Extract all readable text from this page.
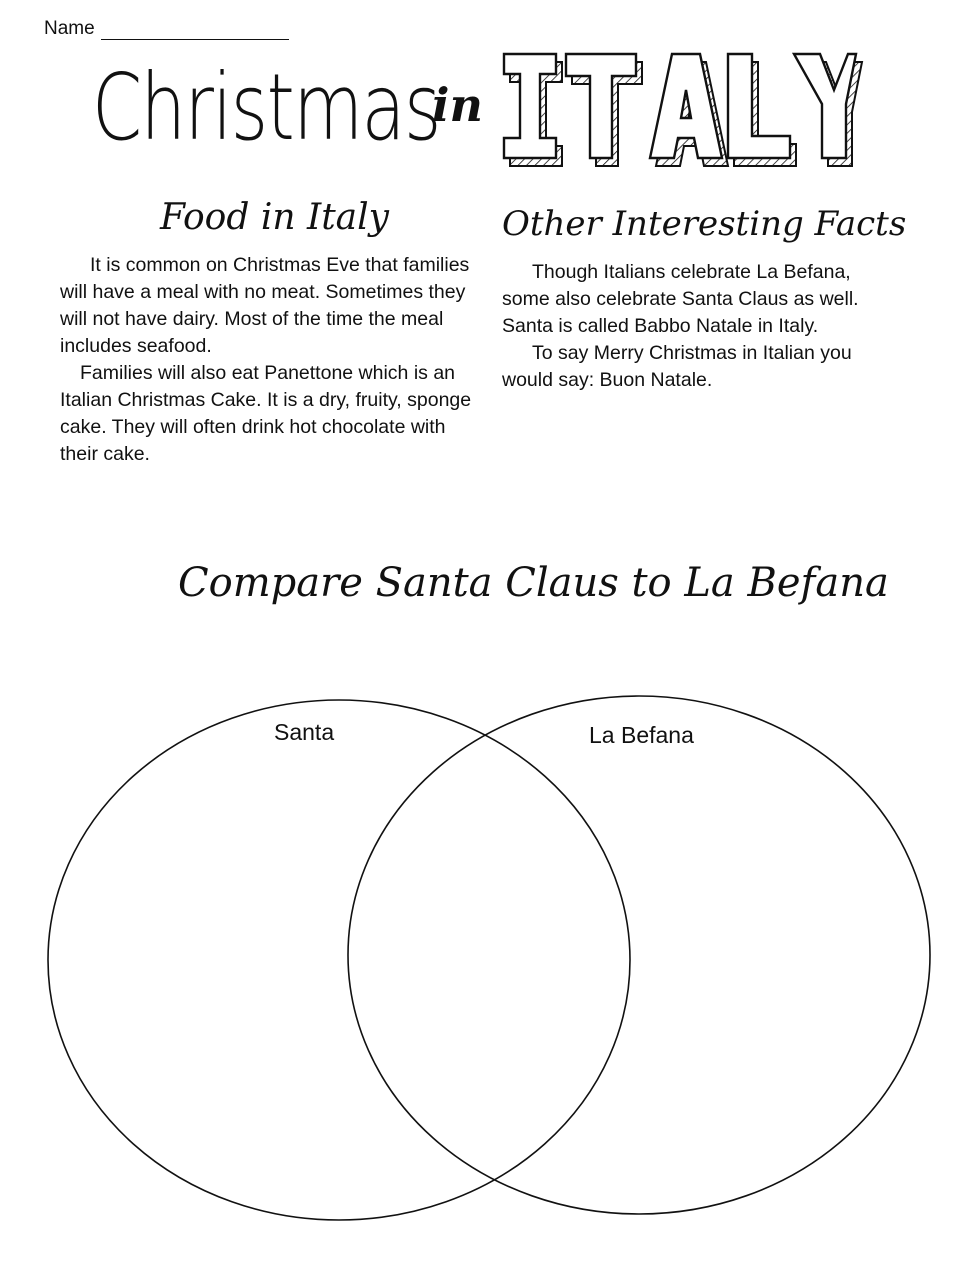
Name
Christmas
in
Food in Italy

It is common on Christmas Eve that families will have a meal with no meat. Sometimes they will not have dairy. Most of the time the meal includes seafood.

Families will also eat Panettone which is an Italian Christmas Cake. It is a dry, fruity, sponge cake. They will often drink hot chocolate with their cake.

Other Interesting Facts

Though Italians celebrate La Befana, some also celebrate Santa Claus as well. Santa is called Babbo Natale in Italy.

To say Merry Christmas in Italian you would say: Buon Natale.

Compare Santa Claus to La Befana
Santa	La Befana
